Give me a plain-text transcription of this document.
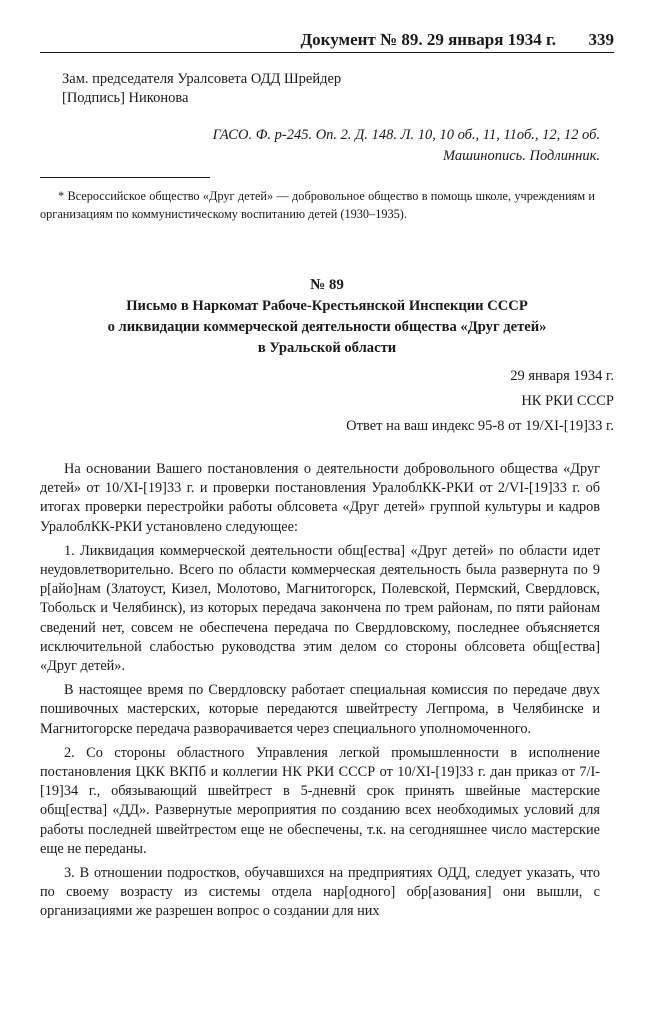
Документ № 89. 29 января 1934 г. 339
Зам. председателя Уралсовета ОДД Шрейдер
[Подпись] Никонова
ГАСО. Ф. р-245. Оп. 2. Д. 148. Л. 10, 10 об., 11, 11об., 12, 12 об.
Машинопись. Подлинник.

* Всероссийское общество «Друг детей» — добровольное общество в помощь школе, учреждениям и организациям по коммунистическому воспитанию детей (1930–1935).

№ 89
Письмо в Наркомат Рабоче-Крестьянской Инспекции СССР
о ликвидации коммерческой деятельности общества «Друг детей»
в Уральской области
29 января 1934 г.
НК РКИ СССР
Ответ на ваш индекс 95-8 от 19/XI-[19]33 г.

На основании Вашего постановления о деятельности добровольного общества «Друг детей» от 10/XI-[19]33 г. и проверки постановления УралоблКК-РКИ от 2/VI-[19]33 г. об итогах проверки перестройки работы облсовета «Друг детей» группой культуры и кадров УралоблКК-РКИ установлено следующее:

1. Ликвидация коммерческой деятельности общ[ества] «Друг детей» по области идет неудовлетворительно. Всего по области коммерческая деятельность была развернута по 9 р[айо]нам (Златоуст, Кизел, Молотово, Магнитогорск, Полевской, Пермский, Свердловск, Тобольск и Челябинск), из которых передача закончена по трем районам, по пяти районам сведений нет, совсем не обеспечена передача по Свердловскому, последнее объясняется исключительной слабостью руководства этим делом со стороны облсовета общ[ества] «Друг детей».

В настоящее время по Свердловску работает специальная комиссия по передаче двух пошивочных мастерских, которые передаются швейтресту Легпрома, в Челябинске и Магнитогорске передача разворачивается через специального уполномоченного.

2. Со стороны областного Управления легкой промышленности в исполнение постановления ЦКК ВКПб и коллегии НК РКИ СССР от 10/XI-[19]33 г. дан приказ от 7/I-[19]34 г., обязывающий швейтрест в 5-дневнй срок принять швейные мастерские общ[ества] «ДД». Развернутые мероприятия по созданию всех необходимых условий для работы последней швейтрестом еще не обеспечены, т.к. на сегодняшнее число мастерские еще не переданы.

3. В отношении подростков, обучавшихся на предприятиях ОДД, следует указать, что по своему возрасту из системы отдела нар[одного] обр[азования] они вышли, с организациями же разрешен вопрос о создании для них
